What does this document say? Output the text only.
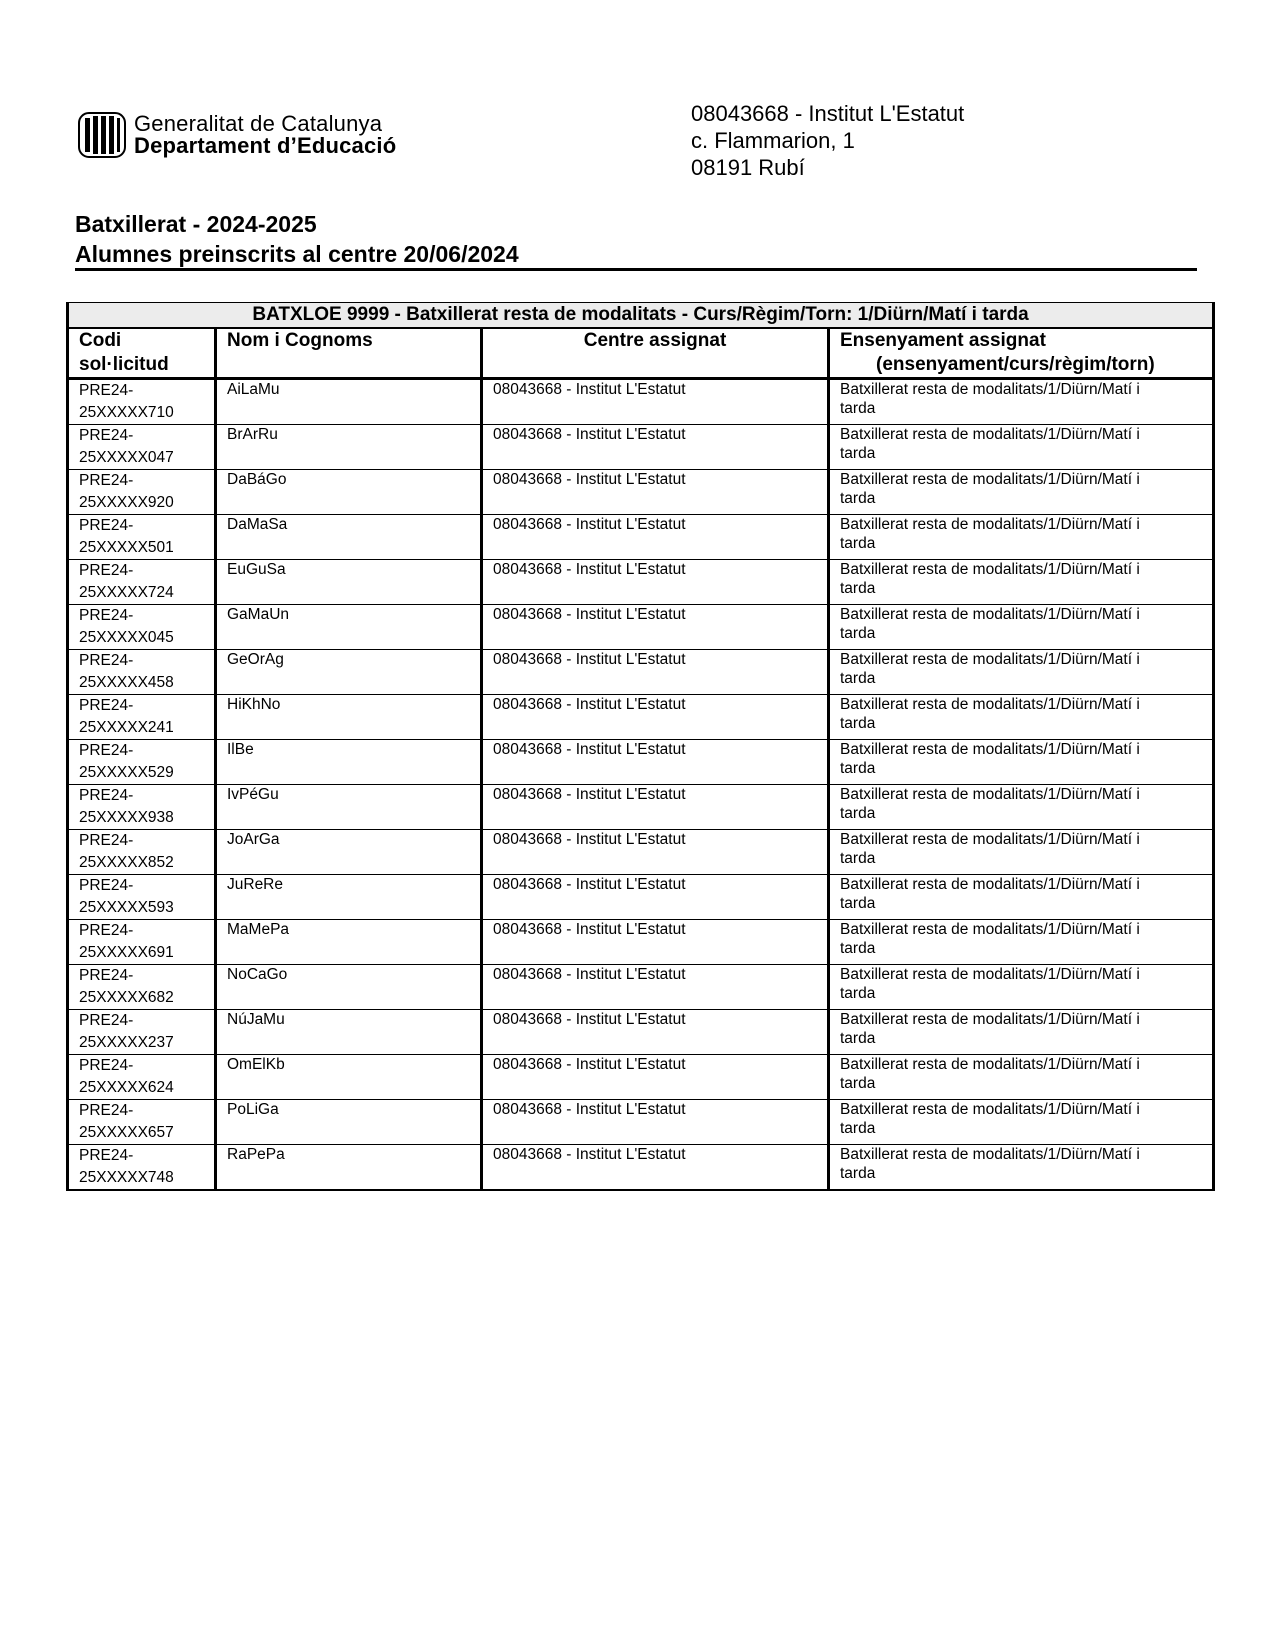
Generalitat de Catalunya
Departament d’Educació
08043668 - Institut L'Estatut
c. Flammarion, 1
08191 Rubí
Batxillerat - 2024-2025
Alumnes preinscrits al centre 20/06/2024
BATXLOE 9999 - Batxillerat resta de modalitats - Curs/Règim/Torn: 1/Diürn/Matí i tarda			

Codi
sol·licitud	Nom i Cognoms	Centre assignat	Ensenyament assignat
(ensenyament/curs/règim/torn)

PRE24-
25XXXXX710	AiLaMu	08043668 - Institut L'Estatut	Batxillerat resta de modalitats/1/Diürn/Matí i
tarda

PRE24-
25XXXXX047	BrArRu	08043668 - Institut L'Estatut	Batxillerat resta de modalitats/1/Diürn/Matí i
tarda

PRE24-
25XXXXX920	DaBáGo	08043668 - Institut L'Estatut	Batxillerat resta de modalitats/1/Diürn/Matí i
tarda

PRE24-
25XXXXX501	DaMaSa	08043668 - Institut L'Estatut	Batxillerat resta de modalitats/1/Diürn/Matí i
tarda

PRE24-
25XXXXX724	EuGuSa	08043668 - Institut L'Estatut	Batxillerat resta de modalitats/1/Diürn/Matí i
tarda

PRE24-
25XXXXX045	GaMaUn	08043668 - Institut L'Estatut	Batxillerat resta de modalitats/1/Diürn/Matí i
tarda

PRE24-
25XXXXX458	GeOrAg	08043668 - Institut L'Estatut	Batxillerat resta de modalitats/1/Diürn/Matí i
tarda

PRE24-
25XXXXX241	HiKhNo	08043668 - Institut L'Estatut	Batxillerat resta de modalitats/1/Diürn/Matí i
tarda

PRE24-
25XXXXX529	IlBe	08043668 - Institut L'Estatut	Batxillerat resta de modalitats/1/Diürn/Matí i
tarda

PRE24-
25XXXXX938	IvPéGu	08043668 - Institut L'Estatut	Batxillerat resta de modalitats/1/Diürn/Matí i
tarda

PRE24-
25XXXXX852	JoArGa	08043668 - Institut L'Estatut	Batxillerat resta de modalitats/1/Diürn/Matí i
tarda

PRE24-
25XXXXX593	JuReRe	08043668 - Institut L'Estatut	Batxillerat resta de modalitats/1/Diürn/Matí i
tarda

PRE24-
25XXXXX691	MaMePa	08043668 - Institut L'Estatut	Batxillerat resta de modalitats/1/Diürn/Matí i
tarda

PRE24-
25XXXXX682	NoCaGo	08043668 - Institut L'Estatut	Batxillerat resta de modalitats/1/Diürn/Matí i
tarda

PRE24-
25XXXXX237	NúJaMu	08043668 - Institut L'Estatut	Batxillerat resta de modalitats/1/Diürn/Matí i
tarda

PRE24-
25XXXXX624	OmElKb	08043668 - Institut L'Estatut	Batxillerat resta de modalitats/1/Diürn/Matí i
tarda

PRE24-
25XXXXX657	PoLiGa	08043668 - Institut L'Estatut	Batxillerat resta de modalitats/1/Diürn/Matí i
tarda

PRE24-
25XXXXX748	RaPePa	08043668 - Institut L'Estatut	Batxillerat resta de modalitats/1/Diürn/Matí i
tarda
